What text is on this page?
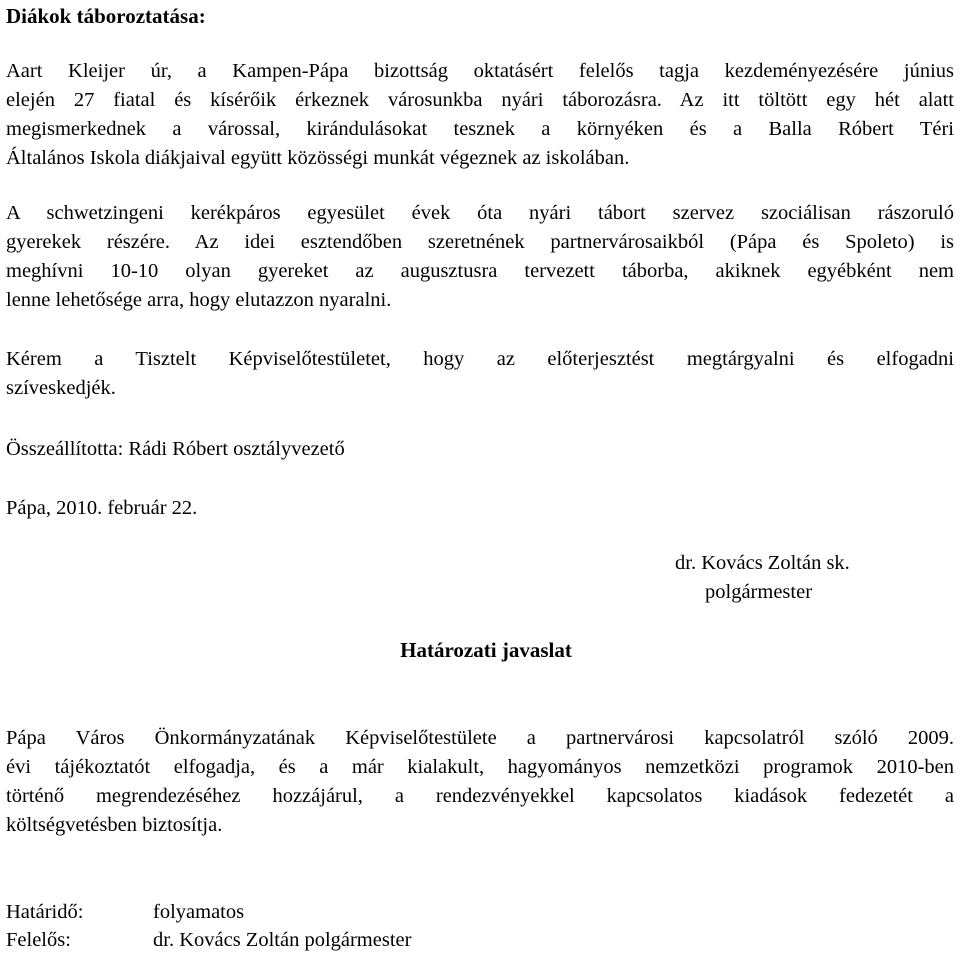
Diákok táboroztatása:
Aart Kleijer úr, a Kampen-Pápa bizottság oktatásért felelős tagja kezdeményezésére június
elején 27 fiatal és kísérőik érkeznek városunkba nyári táborozásra. Az itt töltött egy hét alatt
megismerkednek a várossal, kirándulásokat tesznek a környéken és a Balla Róbert Téri
Általános Iskola diákjaival együtt közösségi munkát végeznek az iskolában.
A schwetzingeni kerékpáros egyesület évek óta nyári tábort szervez szociálisan rászoruló
gyerekek részére. Az idei esztendőben szeretnének partnervárosaikból (Pápa és Spoleto) is
meghívni 10-10 olyan gyereket az augusztusra tervezett táborba, akiknek egyébként nem
lenne lehetősége arra, hogy elutazzon nyaralni.
Kérem a Tisztelt Képviselőtestületet, hogy az előterjesztést megtárgyalni és elfogadni
szíveskedjék.
Összeállította: Rádi Róbert osztályvezető
Pápa, 2010. február 22.
dr. Kovács Zoltán sk.
polgármester
Határozati javaslat
Pápa Város Önkormányzatának Képviselőtestülete a partnervárosi kapcsolatról szóló 2009.
évi tájékoztatót elfogadja, és a már kialakult, hagyományos nemzetközi programok 2010-ben
történő megrendezéséhez hozzájárul, a rendezvényekkel kapcsolatos kiadások fedezetét a
költségvetésben biztosítja.
Határidő:	folyamatos
Felelős:	dr. Kovács Zoltán polgármester
